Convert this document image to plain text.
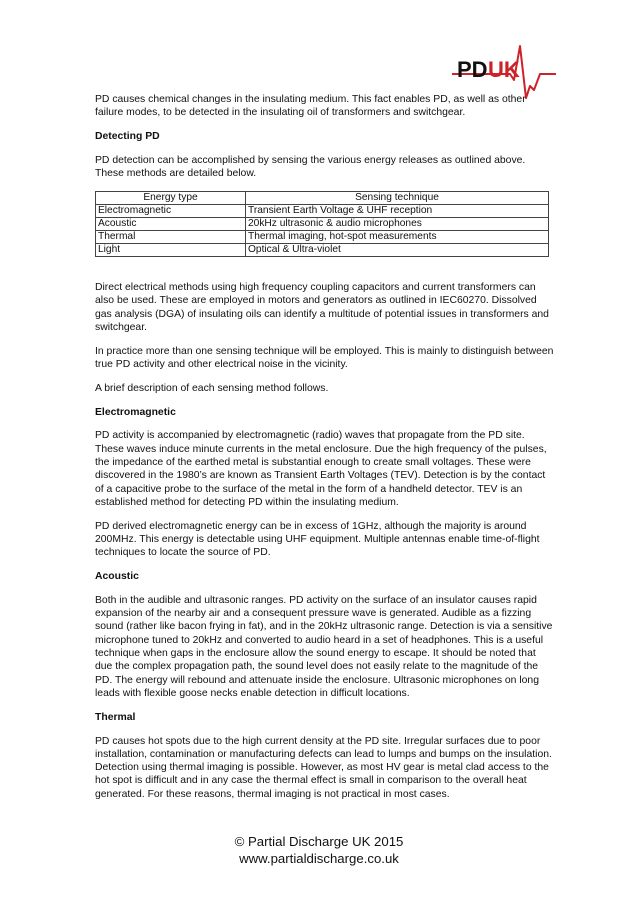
PD UK

PD causes chemical changes in the insulating medium. This fact enables PD, as well as other failure modes, to be detected in the insulating oil of transformers and switchgear.

Detecting PD

PD detection can be accomplished by sensing the various energy releases as outlined above. These methods are detailed below.

Energy type	Sensing technique
Electromagnetic	Transient Earth Voltage & UHF reception
Acoustic	20kHz ultrasonic & audio microphones
Thermal	Thermal imaging, hot-spot measurements
Light	Optical & Ultra-violet

Direct electrical methods using high frequency coupling capacitors and current transformers can also be used. These are employed in motors and generators as outlined in IEC60270. Dissolved gas analysis (DGA) of insulating oils can identify a multitude of potential issues in transformers and switchgear.

In practice more than one sensing technique will be employed. This is mainly to distinguish between true PD activity and other electrical noise in the vicinity.

A brief description of each sensing method follows.

Electromagnetic

PD activity is accompanied by electromagnetic (radio) waves that propagate from the PD site. These waves induce minute currents in the metal enclosure. Due the high frequency of the pulses, the impedance of the earthed metal is substantial enough to create small voltages. These were discovered in the 1980’s are known as Transient Earth Voltages (TEV). Detection is by the contact of a capacitive probe to the surface of the metal in the form of a handheld detector. TEV is an established method for detecting PD within the insulating medium.

PD derived electromagnetic energy can be in excess of 1GHz, although the majority is around 200MHz. This energy is detectable using UHF equipment. Multiple antennas enable time-of-flight techniques to locate the source of PD.

Acoustic

Both in the audible and ultrasonic ranges. PD activity on the surface of an insulator causes rapid expansion of the nearby air and a consequent pressure wave is generated. Audible as a fizzing sound (rather like bacon frying in fat), and in the 20kHz ultrasonic range. Detection is via a sensitive microphone tuned to 20kHz and converted to audio heard in a set of headphones. This is a useful technique when gaps in the enclosure allow the sound energy to escape. It should be noted that due the complex propagation path, the sound level does not easily relate to the magnitude of the PD. The energy will rebound and attenuate inside the enclosure. Ultrasonic microphones on long leads with flexible goose necks enable detection in difficult locations.

Thermal

PD causes hot spots due to the high current density at the PD site. Irregular surfaces due to poor installation, contamination or manufacturing defects can lead to lumps and bumps on the insulation. Detection using thermal imaging is possible. However, as most HV gear is metal clad access to the hot spot is difficult and in any case the thermal effect is small in comparison to the overall heat generated. For these reasons, thermal imaging is not practical in most cases.

© Partial Discharge UK 2015
www.partialdischarge.co.uk
